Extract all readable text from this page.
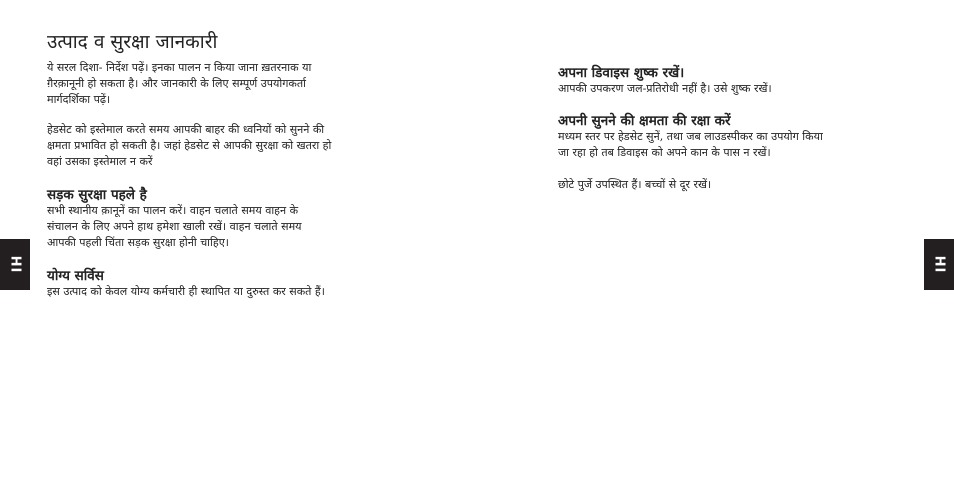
उत्पाद व सुरक्षा जानकारी

ये सरल दिशा- निर्देश पढ़ें। इनका पालन न किया जाना ख़तरनाक या
ग़ैरक़ानूनी हो सकता है। और जानकारी के लिए सम्पूर्ण उपयोगकर्ता
मार्गदर्शिका पढ़ें।

हेडसेट को इस्तेमाल करते समय आपकी बाहर की ध्वनियों को सुनने की
क्षमता प्रभावित हो सकती है। जहां हेडसेट से आपकी सुरक्षा को खतरा हो
वहां उसका इस्तेमाल न करें

सड़क सुरक्षा पहले है

सभी स्थानीय क़ानूनें का पालन करें। वाहन चलाते समय वाहन के
संचालन के लिए अपने हाथ हमेशा खाली रखें। वाहन चलाते समय
आपकी पहली चिंता सड़क सुरक्षा होनी चाहिए।

योग्य सर्विस

इस उत्पाद को केवल योग्य कर्मचारी ही स्थापित या दुरुस्त कर सकते हैं।

अपना डिवाइस शुष्क रखें।

आपकी उपकरण जल-प्रतिरोधी नहीं है। उसे शुष्क रखें।

अपनी सुनने की क्षमता की रक्षा करें

मध्यम स्तर पर हेडसेट सुनें, तथा जब लाउडस्पीकर का उपयोग किया
जा रहा हो तब डिवाइस को अपने कान के पास न रखें।

छोटे पुर्जे उपस्थित हैं। बच्चों से दूर रखें।

HI	HI
